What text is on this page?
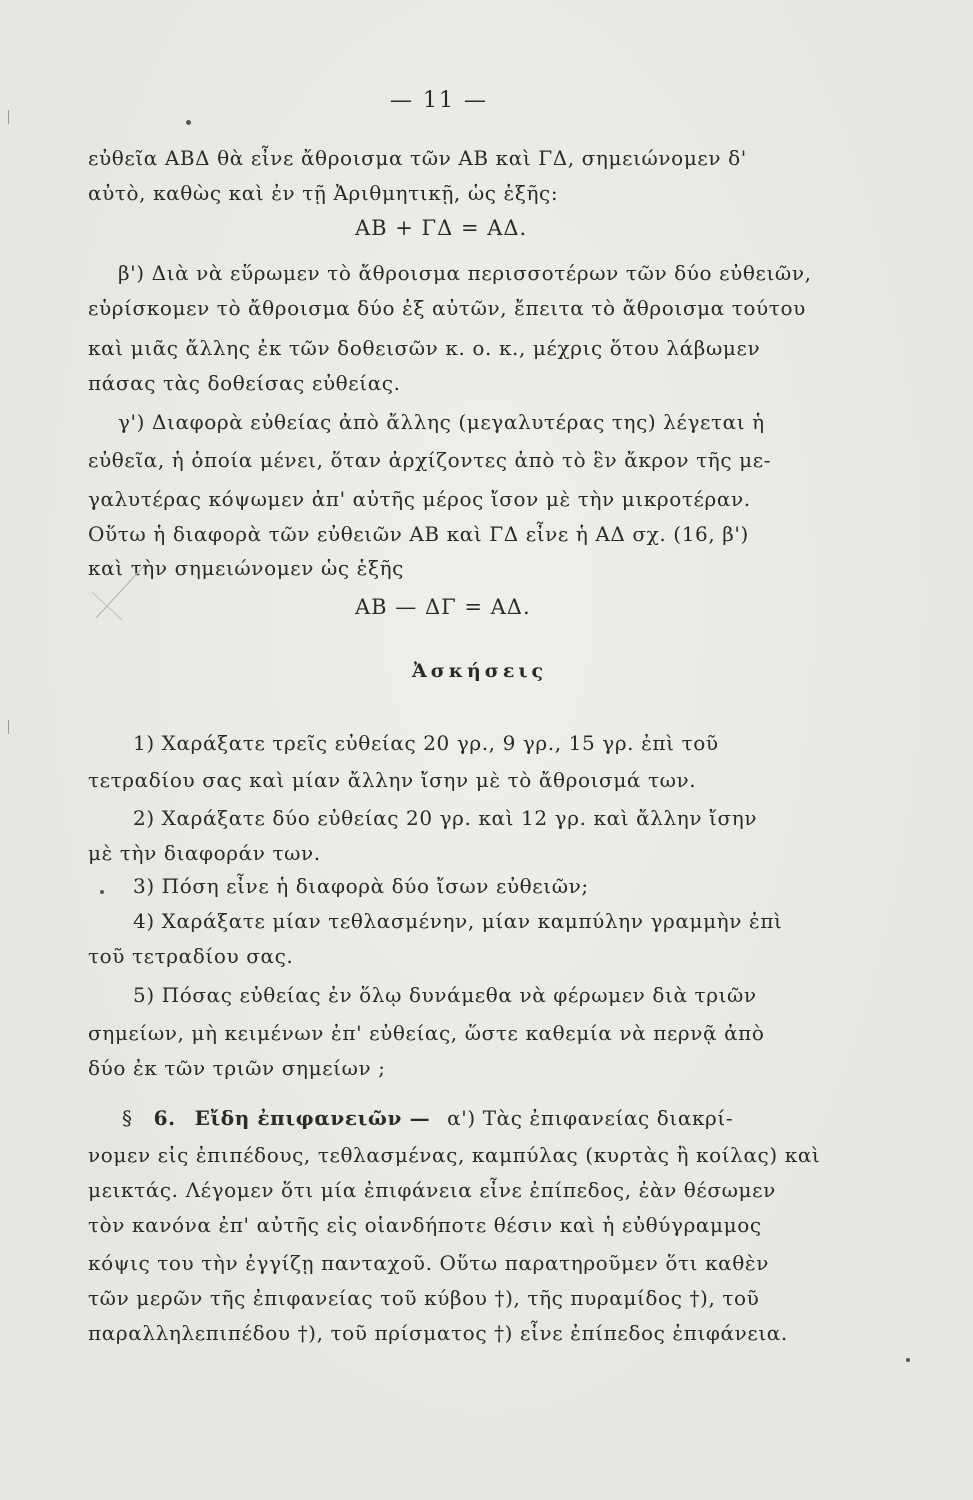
— 11 —
εὐθεῖα ΑΒΔ θὰ εἶνε ἄθροισμα τῶν ΑΒ καὶ ΓΔ, σημειώνομεν δ'
αὐτὸ, καθὼς καὶ ἐν τῇ Ἀριθμητικῇ, ὡς ἑξῆς:
ΑΒ + ΓΔ = ΑΔ.
β') Διὰ νὰ εὕρωμεν τὸ ἄθροισμα περισσοτέρων τῶν δύο εὐθειῶν,
εὑρίσκομεν τὸ ἄθροισμα δύο ἐξ αὐτῶν, ἔπειτα τὸ ἄθροισμα τούτου
καὶ μιᾶς ἄλλης ἐκ τῶν δοθεισῶν κ. ο. κ., μέχρις ὅτου λάβωμεν
πάσας τὰς δοθείσας εὐθείας.
γ') Διαφορὰ εὐθείας ἀπὸ ἄλλης (μεγαλυτέρας της) λέγεται ἡ
εὐθεῖα, ἡ ὁποία μένει, ὅταν ἀρχίζοντες ἀπὸ τὸ ἓν ἄκρον τῆς με-
γαλυτέρας κόψωμεν ἀπ' αὐτῆς μέρος ἴσον μὲ τὴν μικροτέραν.
Οὕτω ἡ διαφορὰ τῶν εὐθειῶν ΑΒ καὶ ΓΔ εἶνε ἡ ΑΔ σχ. (16, β')
καὶ τὴν σημειώνομεν ὡς ἑξῆς
ΑΒ — ΔΓ = ΑΔ.
Ἀσκήσεις
1) Χαράξατε τρεῖς εὐθείας 20 γρ., 9 γρ., 15 γρ. ἐπὶ τοῦ
τετραδίου σας καὶ μίαν ἄλλην ἴσην μὲ τὸ ἄθροισμά των.
2) Χαράξατε δύο εὐθείας 20 γρ. καὶ 12 γρ. καὶ ἄλλην ἴσην
μὲ τὴν διαφοράν των.
3) Πόση εἶνε ἡ διαφορὰ δύο ἴσων εὐθειῶν;
4) Χαράξατε μίαν τεθλασμένην, μίαν καμπύλην γραμμὴν ἐπὶ
τοῦ τετραδίου σας.
5) Πόσας εὐθείας ἐν ὅλῳ δυνάμεθα νὰ φέρωμεν διὰ τριῶν
σημείων, μὴ κειμένων ἐπ' εὐθείας, ὥστε καθεμία νὰ περνᾷ ἀπὸ
δύο ἐκ τῶν τριῶν σημείων ;
§ 6. Εἴδη ἐπιφανειῶν — α') Τὰς ἐπιφανείας διακρί-
νομεν εἰς ἐπιπέδους, τεθλασμένας, καμπύλας (κυρτὰς ἢ κοίλας) καὶ
μεικτάς. Λέγομεν ὅτι μία ἐπιφάνεια εἶνε ἐπίπεδος, ἐὰν θέσωμεν
τὸν κανόνα ἐπ' αὐτῆς εἰς οἱανδήποτε θέσιν καὶ ἡ εὐθύγραμμος
κόψις του τὴν ἐγγίζῃ πανταχοῦ. Οὕτω παρατηροῦμεν ὅτι καθὲν
τῶν μερῶν τῆς ἐπιφανείας τοῦ κύβου †), τῆς πυραμίδος †), τοῦ
παραλληλεπιπέδου †), τοῦ πρίσματος †) εἶνε ἐπίπεδος ἐπιφάνεια.
